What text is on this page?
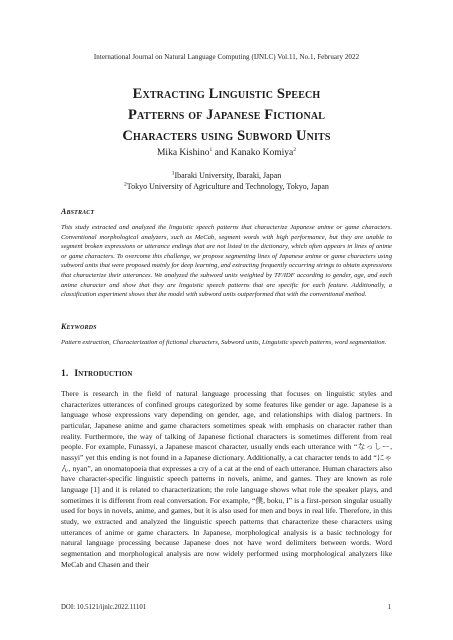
International Journal on Natural Language Computing (IJNLC) Vol.11, No.1, February 2022
Extracting Linguistic Speech
Patterns of Japanese Fictional
Characters using Subword Units
Mika Kishino$^1$ and Kanako Komiya$^2$
$^1$Ibaraki University, Ibaraki, Japan
$^2$Tokyo University of Agriculture and Technology, Tokyo, Japan
Abstract
This study extracted and analyzed the linguistic speech patterns that characterize Japanese anime or game characters. Conventional morphological analyzers, such as MeCab, segment words with high performance, but they are unable to segment broken expressions or utterance endings that are not listed in the dictionary, which often appears in lines of anime or game characters. To overcome this challenge, we propose segmenting lines of Japanese anime or game characters using subword units that were proposed mainly for deep learning, and extracting frequently occurring strings to obtain expressions that characterize their utterances. We analyzed the subword units weighted by TF/IDF according to gender, age, and each anime character and show that they are linguistic speech patterns that are specific for each feature. Additionally, a classification experiment shows that the model with subword units outperformed that with the conventional method.
Keywords
Pattern extraction, Characterization of fictional characters, Subword units, Linguistic speech patterns, word segmentation.
1. Introduction
There is research in the field of natural language processing that focuses on linguistic styles and characterizes utterances of confined groups categorized by some features like gender or age. Japanese is a language whose expressions vary depending on gender, age, and relationships with dialog partners. In particular, Japanese anime and game characters sometimes speak with emphasis on character rather than reality. Furthermore, the way of talking of Japanese fictional characters is sometimes different from real people. For example, Funassyi, a Japanese mascot character, usually ends each utterance with “なっしー, nassyi” yet this ending is not found in a Japanese dictionary. Additionally, a cat character tends to add “にゃん, nyan”, an onomatopoeia that expresses a cry of a cat at the end of each utterance. Human characters also have character-specific linguistic speech patterns in novels, anime, and games. They are known as role language [1] and it is related to characterization; the role language shows what role the speaker plays, and sometimes it is different from real conversation. For example, “僕, boku, I” is a first-person singular usually used for boys in novels, anime, and games, but it is also used for men and boys in real life. Therefore, in this study, we extracted and analyzed the linguistic speech patterns that characterize these characters using utterances of anime or game characters. In Japanese, morphological analysis is a basic technology for natural language processing because Japanese does not have word delimiters between words. Word segmentation and morphological analysis are now widely performed using morphological analyzers like MeCab and Chasen and their
DOI: 10.5121/ijnlc.2022.11101	1
